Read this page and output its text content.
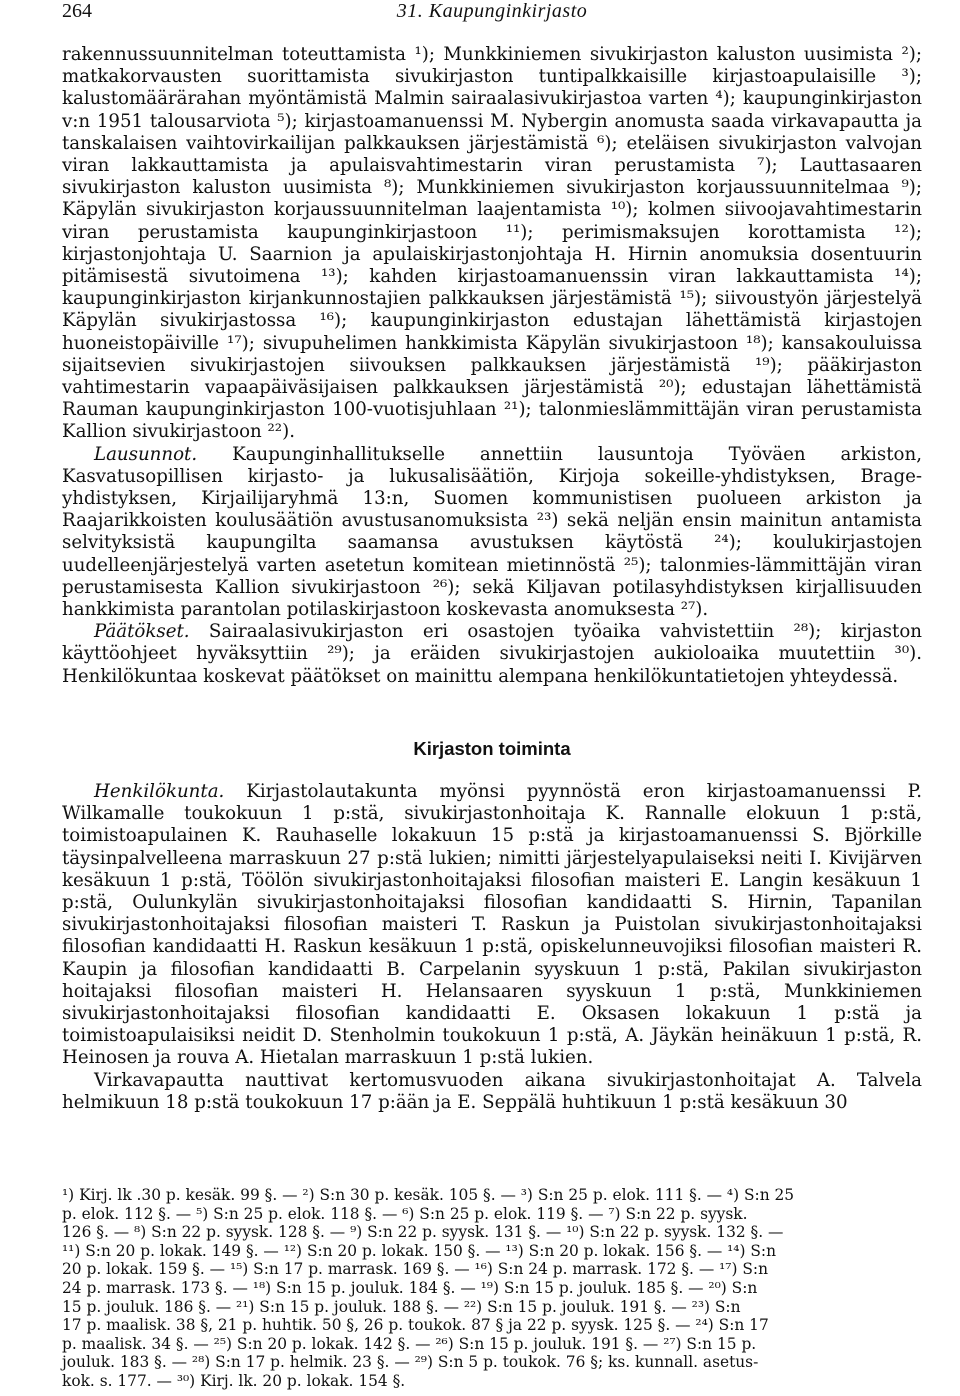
264	31. Kaupunginkirjasto

rakennussuunnitelman toteuttamista ¹); Munkkiniemen sivukirjaston kaluston uusimista ²); matkakorvausten suorittamista sivukirjaston tuntipalkkaisille kirjastoapulaisille ³); kalustomäärärahan myöntämistä Malmin sairaalasivukirjastoa varten ⁴); kaupunginkirjaston v:n 1951 talousarviota ⁵); kirjastoamanuenssi M. Nybergin anomusta saada virkavapautta ja tanskalaisen vaihtovirkailijan palkkauksen järjestämistä ⁶); eteläisen sivukirjaston valvojan viran lakkauttamista ja apulaisvahtimestarin viran perustamista ⁷); Lauttasaaren sivukirjaston kaluston uusimista ⁸); Munkkiniemen sivukirjaston korjaussuunnitelmaa ⁹); Käpylän sivukirjaston korjaussuunnitelman laajentamista ¹⁰); kolmen siivoojavahtimestarin viran perustamista kaupunginkirjastoon ¹¹); perimismaksujen korottamista ¹²); kirjastonjohtaja U. Saarnion ja apulaiskirjastonjohtaja H. Hirnin anomuksia dosentuurin pitämisestä sivutoimena ¹³); kahden kirjastoamanuenssin viran lakkauttamista ¹⁴); kaupunginkirjaston kirjankunnostajien palkkauksen järjestämistä ¹⁵); siivoustyön järjestelyä Käpylän sivukirjastossa ¹⁶); kaupunginkirjaston edustajan lähettämistä kirjastojen huoneistopäiville ¹⁷); sivupuhelimen hankkimista Käpylän sivukirjastoon ¹⁸); kansakouluissa sijaitsevien sivukirjastojen siivouksen palkkauksen järjestämistä ¹⁹); pääkirjaston vahtimestarin vapaapäiväsijaisen palkkauksen järjestämistä ²⁰); edustajan lähettämistä Rauman kaupunginkirjaston 100-vuotisjuhlaan ²¹); talonmieslämmittäjän viran perustamista Kallion sivukirjastoon ²²).

Lausunnot. Kaupunginhallitukselle annettiin lausuntoja Työväen arkiston, Kasvatusopillisen kirjasto- ja lukusalisäätiön, Kirjoja sokeille-yhdistyksen, Brage-yhdistyksen, Kirjailijaryhmä 13:n, Suomen kommunistisen puolueen arkiston ja Raajarikkoisten koulusäätiön avustusanomuksista ²³) sekä neljän ensin mainitun antamista selvityksistä kaupungilta saamansa avustuksen käytöstä ²⁴); koulukirjastojen uudelleenjärjestelyä varten asetetun komitean mietinnöstä ²⁵); talonmies-lämmittäjän viran perustamisesta Kallion sivukirjastoon ²⁶); sekä Kiljavan potilasyhdistyksen kirjallisuuden hankkimista parantolan potilaskirjastoon koskevasta anomuksesta ²⁷).

Päätökset. Sairaalasivukirjaston eri osastojen työaika vahvistettiin ²⁸); kirjaston käyttöohjeet hyväksyttiin ²⁹); ja eräiden sivukirjastojen aukioloaika muutettiin ³⁰). Henkilökuntaa koskevat päätökset on mainittu alempana henkilökuntatietojen yhteydessä.

Kirjaston toiminta

Henkilökunta. Kirjastolautakunta myönsi pyynnöstä eron kirjastoamanuenssi P. Wilkamalle toukokuun 1 p:stä, sivukirjastonhoitaja K. Rannalle elokuun 1 p:stä, toimistoapulainen K. Rauhaselle lokakuun 15 p:stä ja kirjastoamanuenssi S. Björkille täysinpalvelleena marraskuun 27 p:stä lukien; nimitti järjestelyapulaiseksi neiti I. Kivijärven kesäkuun 1 p:stä, Töölön sivukirjastonhoitajaksi filosofian maisteri E. Langin kesäkuun 1 p:stä, Oulunkylän sivukirjastonhoitajaksi filosofian kandidaatti S. Hirnin, Tapanilan sivukirjastonhoitajaksi filosofian maisteri T. Raskun ja Puistolan sivukirjastonhoitajaksi filosofian kandidaatti H. Raskun kesäkuun 1 p:stä, opiskelunneuvojiksi filosofian maisteri R. Kaupin ja filosofian kandidaatti B. Carpelanin syyskuun 1 p:stä, Pakilan sivukirjaston hoitajaksi filosofian maisteri H. Helansaaren syyskuun 1 p:stä, Munkkiniemen sivukirjastonhoitajaksi filosofian kandidaatti E. Oksasen lokakuun 1 p:stä ja toimistoapulaisiksi neidit D. Stenholmin toukokuun 1 p:stä, A. Jäykän heinäkuun 1 p:stä, R. Heinosen ja rouva A. Hietalan marraskuun 1 p:stä lukien.

Virkavapautta nauttivat kertomusvuoden aikana sivukirjastonhoitajat A. Talvela helmikuun 18 p:stä toukokuun 17 p:ään ja E. Seppälä huhtikuun 1 p:stä kesäkuun 30

¹) Kirj. lk .30 p. kesäk. 99 §. — ²) S:n 30 p. kesäk. 105 §. — ³) S:n 25 p. elok. 111 §. — ⁴) S:n 25

p. elok. 112 §. — ⁵) S:n 25 p. elok. 118 §. — ⁶) S:n 25 p. elok. 119 §. — ⁷) S:n 22 p. syysk.

126 §. — ⁸) S:n 22 p. syysk. 128 §. — ⁹) S:n 22 p. syysk. 131 §. — ¹⁰) S:n 22 p. syysk. 132 §. —

¹¹) S:n 20 p. lokak. 149 §. — ¹²) S:n 20 p. lokak. 150 §. — ¹³) S:n 20 p. lokak. 156 §. — ¹⁴) S:n

20 p. lokak. 159 §. — ¹⁵) S:n 17 p. marrask. 169 §. — ¹⁶) S:n 24 p. marrask. 172 §. — ¹⁷) S:n

24 p. marrask. 173 §. — ¹⁸) S:n 15 p. jouluk. 184 §. — ¹⁹) S:n 15 p. jouluk. 185 §. — ²⁰) S:n

15 p. jouluk. 186 §. — ²¹) S:n 15 p. jouluk. 188 §. — ²²) S:n 15 p. jouluk. 191 §. — ²³) S:n

17 p. maalisk. 38 §, 21 p. huhtik. 50 §, 26 p. toukok. 87 § ja 22 p. syysk. 125 §. — ²⁴) S:n 17

p. maalisk. 34 §. — ²⁵) S:n 20 p. lokak. 142 §. — ²⁶) S:n 15 p. jouluk. 191 §. — ²⁷) S:n 15 p.

jouluk. 183 §. — ²⁸) S:n 17 p. helmik. 23 §. — ²⁹) S:n 5 p. toukok. 76 §; ks. kunnall. asetus-

kok. s. 177. — ³⁰) Kirj. lk. 20 p. lokak. 154 §.
